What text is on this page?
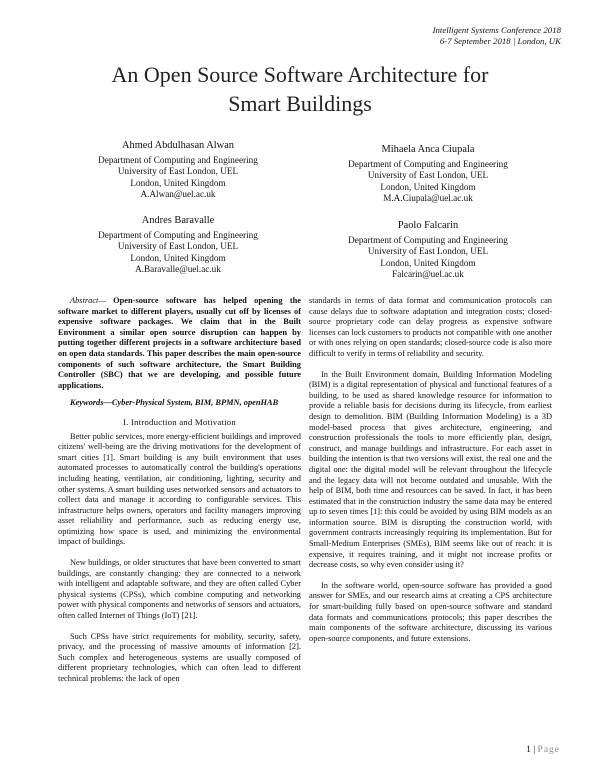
Intelligent Systems Conference 2018
6-7 September 2018 | London, UK
An Open Source Software Architecture for
Smart Buildings
Ahmed Abdulhasan Alwan
Department of Computing and Engineering
University of East London, UEL
London, United Kingdom
A.Alwan@uel.ac.uk
Mihaela Anca Ciupala
Department of Computing and Engineering
University of East London, UEL
London, United Kingdom
M.A.Ciupala@uel.ac.uk
Andres Baravalle
Department of Computing and Engineering
University of East London, UEL
London, United Kingdom
A.Baravalle@uel.ac.uk
Paolo Falcarin
Department of Computing and Engineering
University of East London, UEL
London, United Kingdom
Falcarin@uel.ac.uk

Abstract— Open-source software has helped opening the software market to different players, usually cut off by licenses of expensive software packages. We claim that in the Built Environment a similar open source disruption can happen by putting together different projects in a software architecture based on open data standards. This paper describes the main open-source components of such software architecture, the Smart Building Controller (SBC) that we are developing, and possible future applications.

Keywords—Cyber-Physical System, BIM, BPMN, openHAB

I. Introduction and Motivation

Better public services, more energy-efficient buildings and improved citizens' well-being are the driving motivations for the development of smart cities [1]. Smart building is any built environment that uses automated processes to automatically control the building's operations including heating, ventilation, air conditioning, lighting, security and other systems. A smart building uses networked sensors and actuators to collect data and manage it according to configurable services. This infrastructure helps owners, operators and facility managers improving asset reliability and performance, such as reducing energy use, optimizing how space is used, and minimizing the environmental impact of buildings.

New buildings, or older structures that have been converted to smart buildings, are constantly changing: they are connected to a network with intelligent and adaptable software, and they are often called Cyber physical systems (CPSs), which combine computing and networking power with physical components and networks of sensors and actuators, often called Internet of Things (IoT) [21].

Such CPSs have strict requirements for mobility, security, safety, privacy, and the processing of massive amounts of information [2]. Such complex and heterogeneous systems are usually composed of different proprietary technologies, which can often lead to different technical problems: the lack of open

standards in terms of data format and communication protocols can cause delays due to software adaptation and integration costs; closed-source proprietary code can delay progress as expensive software licenses can lock customers to products not compatible with one another or with ones relying on open standards; closed-source code is also more difficult to verify in terms of reliability and security.

In the Built Environment domain, Building Information Modeling (BIM) is a digital representation of physical and functional features of a building, to be used as shared knowledge resource for information to provide a reliable basis for decisions during its lifecycle, from earliest design to demolition. BIM (Building Information Modeling) is a 3D model-based process that gives architecture, engineering, and construction professionals the tools to more efficiently plan, design, construct, and manage buildings and infrastructure. For each asset in building the intention is that two versions will exist, the real one and the digital one: the digital model will be relevant throughout the lifecycle and the legacy data will not become outdated and unusable. With the help of BIM, both time and resources can be saved. In fact, it has been estimated that in the construction industry the same data may be entered up to seven times [1]: this could be avoided by using BIM models as an information source. BIM is disrupting the construction world, with government contracts increasingly requiring its implementation. But for Small-Medium Enterprises (SMEs), BIM seems like out of reach: it is expensive, it requires training, and it might not increase profits or decrease costs, so why even consider using it?

In the software world, open-source software has provided a good answer for SMEs, and our research aims at creating a CPS architecture for smart-building fully based on open-source software and standard data formats and communications protocols; this paper describes the main components of the software architecture, discussing its various open-source components, and future extensions.

1 | Page
